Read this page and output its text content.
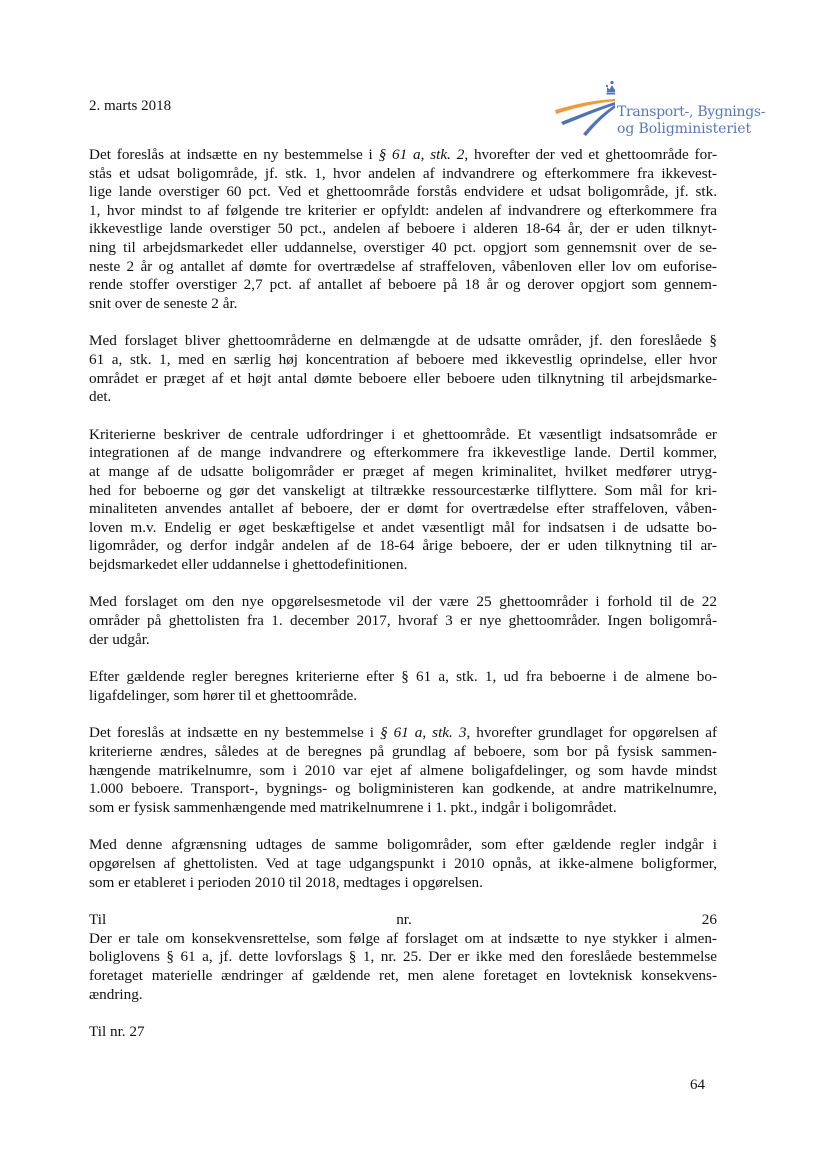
2. marts 2018	Transport-, Bygnings-
og Boligministeriet

Det foreslås at indsætte en ny bestemmelse i § 61 a, stk. 2, hvorefter der ved et ghettoområde for-
stås et udsat boligområde, jf. stk. 1, hvor andelen af indvandrere og efterkommere fra ikkevest-
lige lande overstiger 60 pct. Ved et ghettoområde forstås endvidere et udsat boligområde, jf. stk.
1, hvor mindst to af følgende tre kriterier er opfyldt: andelen af indvandrere og efterkommere fra
ikkevestlige lande overstiger 50 pct., andelen af beboere i alderen 18-64 år, der er uden tilknyt-
ning til arbejdsmarkedet eller uddannelse, overstiger 40 pct. opgjort som gennemsnit over de se-
neste 2 år og antallet af dømte for overtrædelse af straffeloven, våbenloven eller lov om euforise-
rende stoffer overstiger 2,7 pct. af antallet af beboere på 18 år og derover opgjort som gennem-
snit over de seneste 2 år.

Med forslaget bliver ghettoområderne en delmængde at de udsatte områder, jf. den foreslåede §
61 a, stk. 1, med en særlig høj koncentration af beboere med ikkevestlig oprindelse, eller hvor
området er præget af et højt antal dømte beboere eller beboere uden tilknytning til arbejdsmarke-
det.

Kriterierne beskriver de centrale udfordringer i et ghettoområde. Et væsentligt indsatsområde er
integrationen af de mange indvandrere og efterkommere fra ikkevestlige lande. Dertil kommer,
at mange af de udsatte boligområder er præget af megen kriminalitet, hvilket medfører utryg-
hed for beboerne og gør det vanskeligt at tiltrække ressourcestærke tilflyttere. Som mål for kri-
minaliteten anvendes antallet af beboere, der er dømt for overtrædelse efter straffeloven, våben-
loven m.v. Endelig er øget beskæftigelse et andet væsentligt mål for indsatsen i de udsatte bo-
ligområder, og derfor indgår andelen af de 18-64 årige beboere, der er uden tilknytning til ar-
bejdsmarkedet eller uddannelse i ghettodefinitionen.

Med forslaget om den nye opgørelsesmetode vil der være 25 ghettoområder i forhold til de 22
områder på ghettolisten fra 1. december 2017, hvoraf 3 er nye ghettoområder. Ingen boligområ-
der udgår.

Efter gældende regler beregnes kriterierne efter § 61 a, stk. 1, ud fra beboerne i de almene bo-
ligafdelinger, som hører til et ghettoområde.

Det foreslås at indsætte en ny bestemmelse i § 61 a, stk. 3, hvorefter grundlaget for opgørelsen af
kriterierne ændres, således at de beregnes på grundlag af beboere, som bor på fysisk sammen-
hængende matrikelnumre, som i 2010 var ejet af almene boligafdelinger, og som havde mindst
1.000 beboere. Transport-, bygnings- og boligministeren kan godkende, at andre matrikelnumre,
som er fysisk sammenhængende med matrikelnumrene i 1. pkt., indgår i boligområdet.

Med denne afgrænsning udtages de samme boligområder, som efter gældende regler indgår i
opgørelsen af ghettolisten. Ved at tage udgangspunkt i 2010 opnås, at ikke-almene boligformer,
som er etableret i perioden 2010 til 2018, medtages i opgørelsen.

Til nr. 26
Der er tale om konsekvensrettelse, som følge af forslaget om at indsætte to nye stykker i almen-
boliglovens § 61 a, jf. dette lovforslags § 1, nr. 25. Der er ikke med den foreslåede bestemmelse
foretaget materielle ændringer af gældende ret, men alene foretaget en lovteknisk konsekvens-
ændring.

Til nr. 27

64
